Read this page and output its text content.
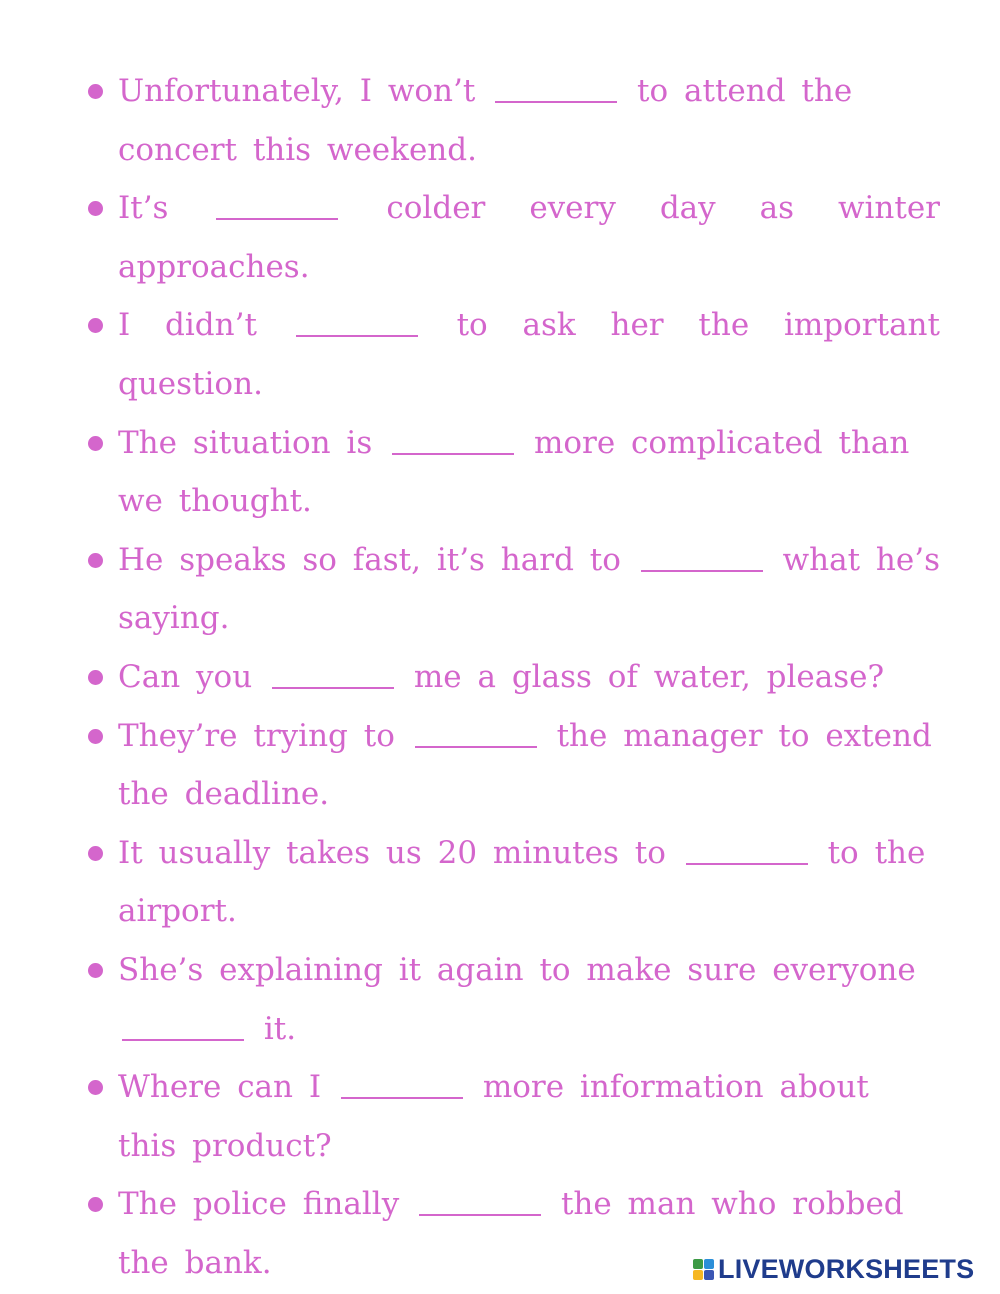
Unfortunately, I won’t	to attend the concert this weekend.
It’s	colder every day as winter approaches.
I didn’t	to ask her the important question.
The situation is	more complicated than we thought.
He speaks so fast, it’s hard to	what he’s saying.
Can you	me a glass of water, please?
They’re trying to	the manager to extend the deadline.
It usually takes us 20 minutes to	to the airport.
She’s explaining it again to make sure everyone  it.
Where can I	more information about this product?
The police finally	the man who robbed the bank.	LIVEWORKSHEETS
